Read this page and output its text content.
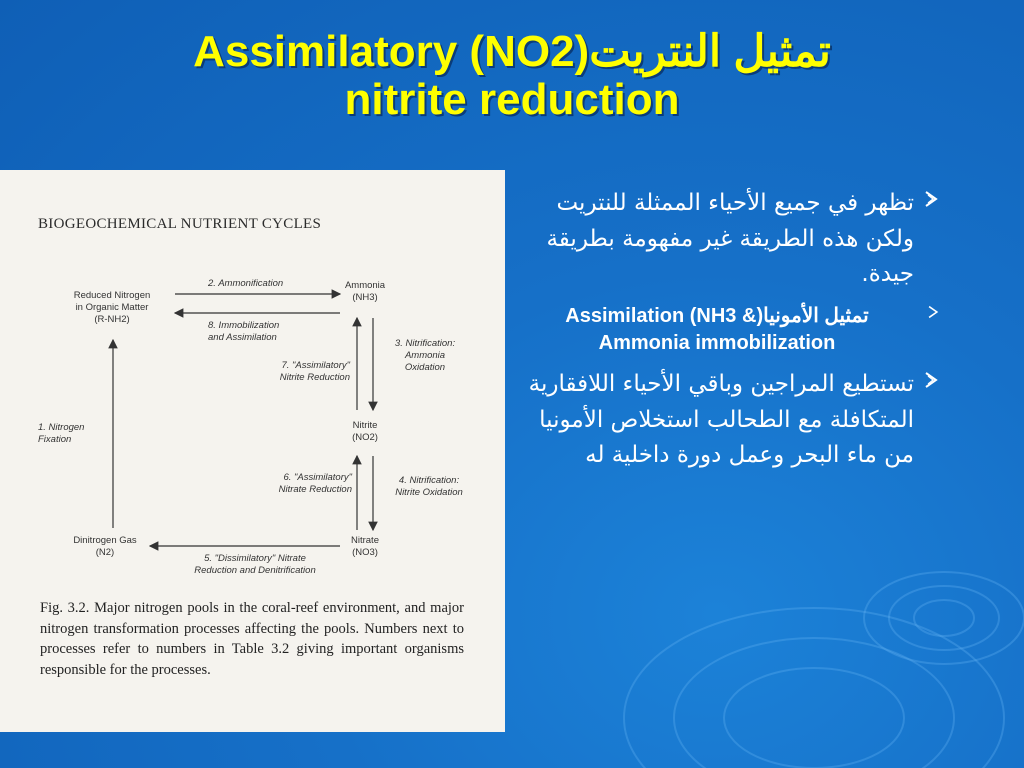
Assimilatory (NO2)تمثيل النتريت
nitrite reduction
BIOGEOCHEMICAL NUTRIENT CYCLES
Reduced Nitrogen
in Organic Matter
(R-NH2)
Ammonia
(NH3)
Nitrite
(NO2)
Nitrate
(NO3)
Dinitrogen Gas
(N2)
2. Ammonification
8. Immobilization
and Assimilation
7. "Assimilatory"
Nitrite Reduction
3. Nitrification:
Ammonia
Oxidation
6. "Assimilatory"
Nitrate Reduction
4. Nitrification:
Nitrite Oxidation
5. "Dissimilatory" Nitrate
Reduction and Denitrification
1. Nitrogen
Fixation
Fig. 3.2. Major nitrogen pools in the coral-reef environment, and major nitrogen transformation processes affecting the pools. Numbers next to processes refer to numbers in Table 3.2 giving important organisms responsible for the processes.
تظهر في جميع الأحياء الممثلة للنتريت ولكن هذه الطريقة غير مفهومة بطريقة جيدة.
تمثيل الأمونيا(Assimilation (NH3 & Ammonia immobilization
تستطيع المراجين وباقي الأحياء اللافقارية المتكافلة مع الطحالب استخلاص الأمونيا من ماء البحر وعمل دورة داخلية له
